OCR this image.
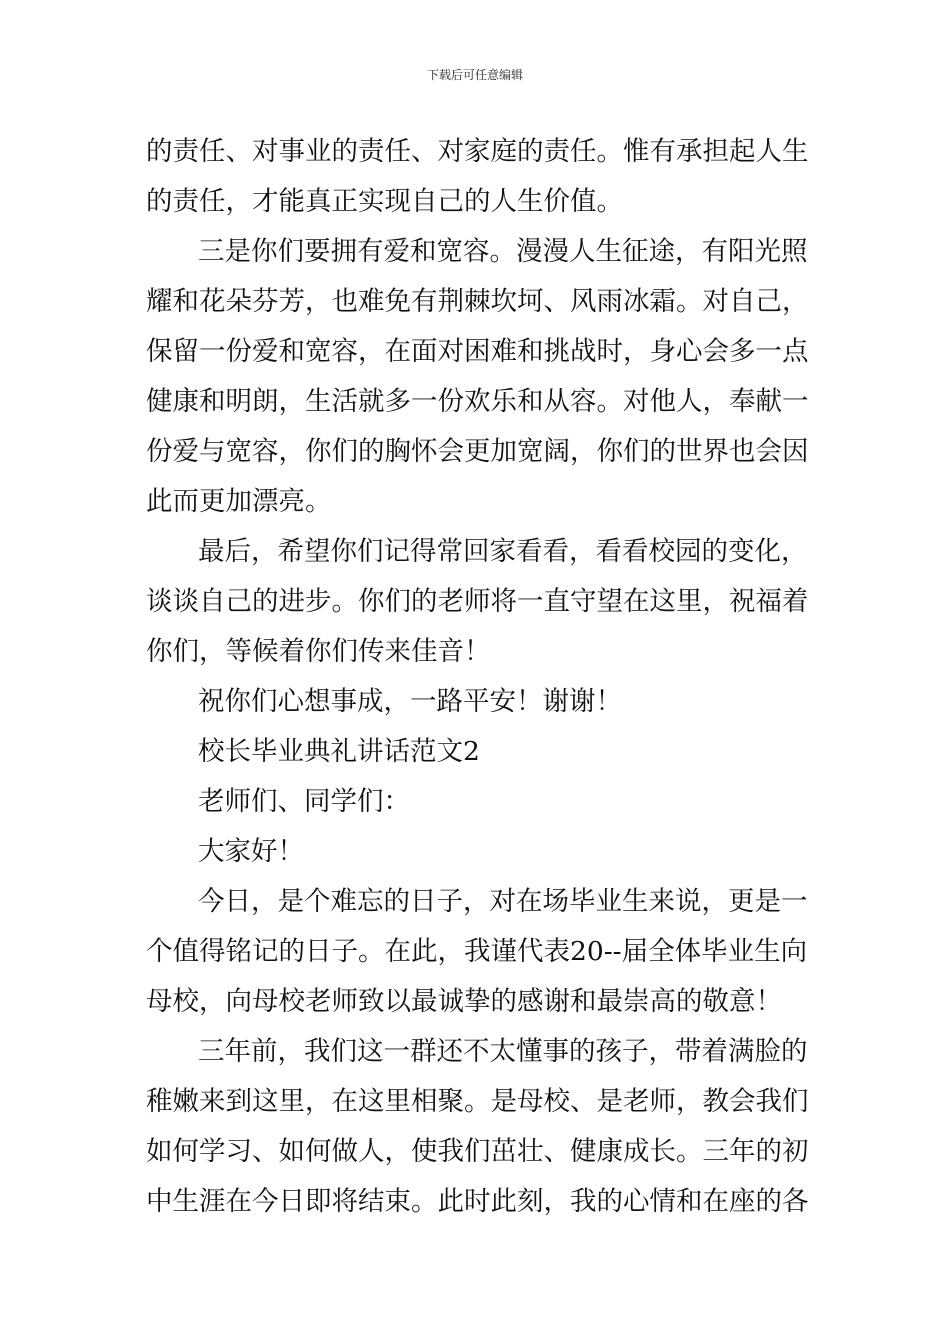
下载后可任意编辑
的责任、对事业的责任、对家庭的责任。惟有承担起人生
的责任，才能真正实现自己的人生价值。
三是你们要拥有爱和宽容。漫漫人生征途，有阳光照
耀和花朵芬芳，也难免有荆棘坎坷、风雨冰霜。对自己，
保留一份爱和宽容，在面对困难和挑战时，身心会多一点
健康和明朗，生活就多一份欢乐和从容。对他人，奉献一
份爱与宽容，你们的胸怀会更加宽阔，你们的世界也会因
此而更加漂亮。
最后，希望你们记得常回家看看，看看校园的变化，
谈谈自己的进步。你们的老师将一直守望在这里，祝福着
你们，等候着你们传来佳音！
祝你们心想事成，一路平安！谢谢！
校长毕业典礼讲话范文2
老师们、同学们：
大家好！
今日，是个难忘的日子，对在场毕业生来说，更是一
个值得铭记的日子。在此，我谨代表20--届全体毕业生向
母校，向母校老师致以最诚挚的感谢和最崇高的敬意！
三年前，我们这一群还不太懂事的孩子，带着满脸的
稚嫩来到这里，在这里相聚。是母校、是老师，教会我们
如何学习、如何做人，使我们茁壮、健康成长。三年的初
中生涯在今日即将结束。此时此刻，我的心情和在座的各
